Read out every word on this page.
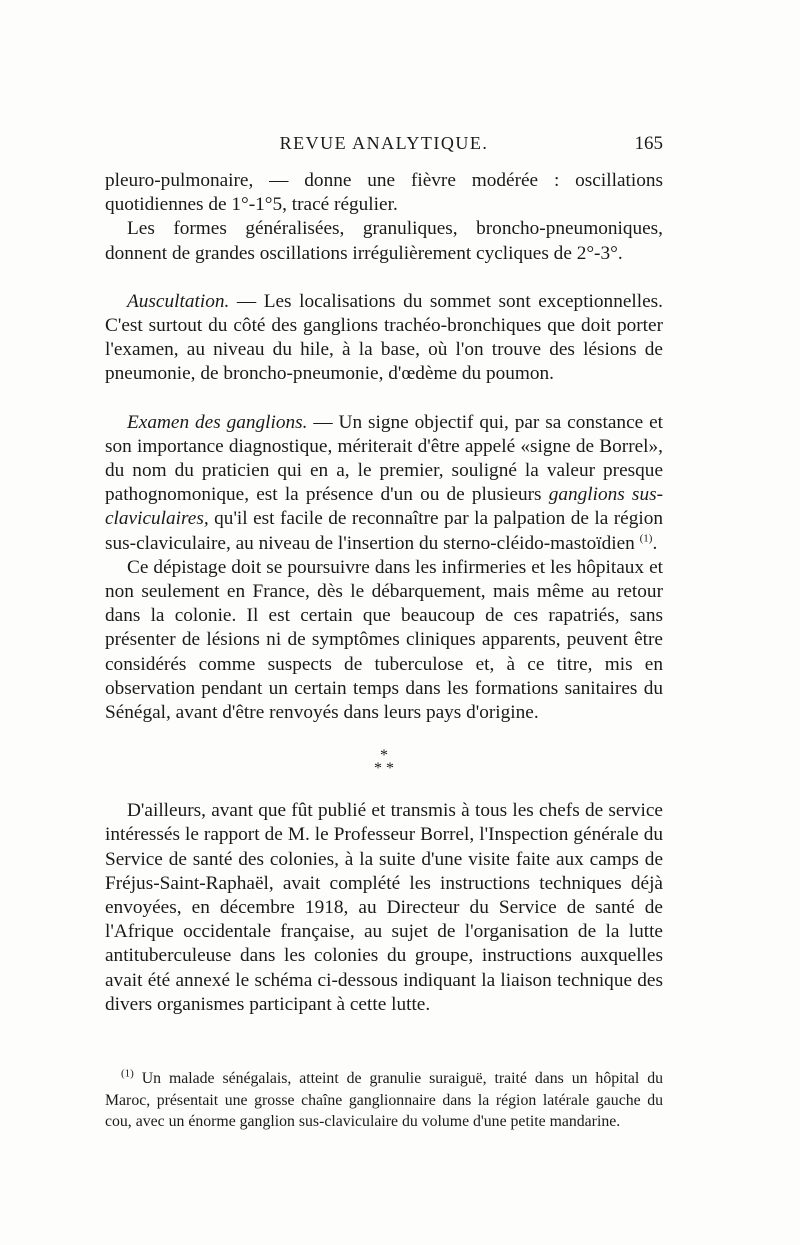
REVUE ANALYTIQUE.	165

pleuro-pulmonaire, — donne une fièvre modérée : oscillations quotidiennes de 1°-1°5, tracé régulier.

Les formes généralisées, granuliques, broncho-pneumoniques, donnent de grandes oscillations irrégulièrement cycliques de 2°-3°.

Auscultation. — Les localisations du sommet sont exceptionnelles. C'est surtout du côté des ganglions trachéo-bronchiques que doit porter l'examen, au niveau du hile, à la base, où l'on trouve des lésions de pneumonie, de broncho-pneumonie, d'œdème du poumon.

Examen des ganglions. — Un signe objectif qui, par sa constance et son importance diagnostique, mériterait d'être appelé «signe de Borrel», du nom du praticien qui en a, le premier, souligné la valeur presque pathognomonique, est la présence d'un ou de plusieurs ganglions sus-claviculaires, qu'il est facile de reconnaître par la palpation de la région sus-claviculaire, au niveau de l'insertion du sterno-cléido-mastoïdien $^{(1)}$.

Ce dépistage doit se poursuivre dans les infirmeries et les hôpitaux et non seulement en France, dès le débarquement, mais même au retour dans la colonie. Il est certain que beaucoup de ces rapatriés, sans présenter de lésions ni de symptômes cliniques apparents, peuvent être considérés comme suspects de tuberculose et, à ce titre, mis en observation pendant un certain temps dans les formations sanitaires du Sénégal, avant d'être renvoyés dans leurs pays d'origine.

*
* *

D'ailleurs, avant que fût publié et transmis à tous les chefs de service intéressés le rapport de M. le Professeur Borrel, l'Inspection générale du Service de santé des colonies, à la suite d'une visite faite aux camps de Fréjus-Saint-Raphaël, avait complété les instructions techniques déjà envoyées, en décembre 1918, au Directeur du Service de santé de l'Afrique occidentale française, au sujet de l'organisation de la lutte antituberculeuse dans les colonies du groupe, instructions auxquelles avait été annexé le schéma ci-dessous indiquant la liaison technique des divers organismes participant à cette lutte.

$^{(1)}$ Un malade sénégalais, atteint de granulie suraiguë, traité dans un hôpital du Maroc, présentait une grosse chaîne ganglionnaire dans la région latérale gauche du cou, avec un énorme ganglion sus-claviculaire du volume d'une petite mandarine.
